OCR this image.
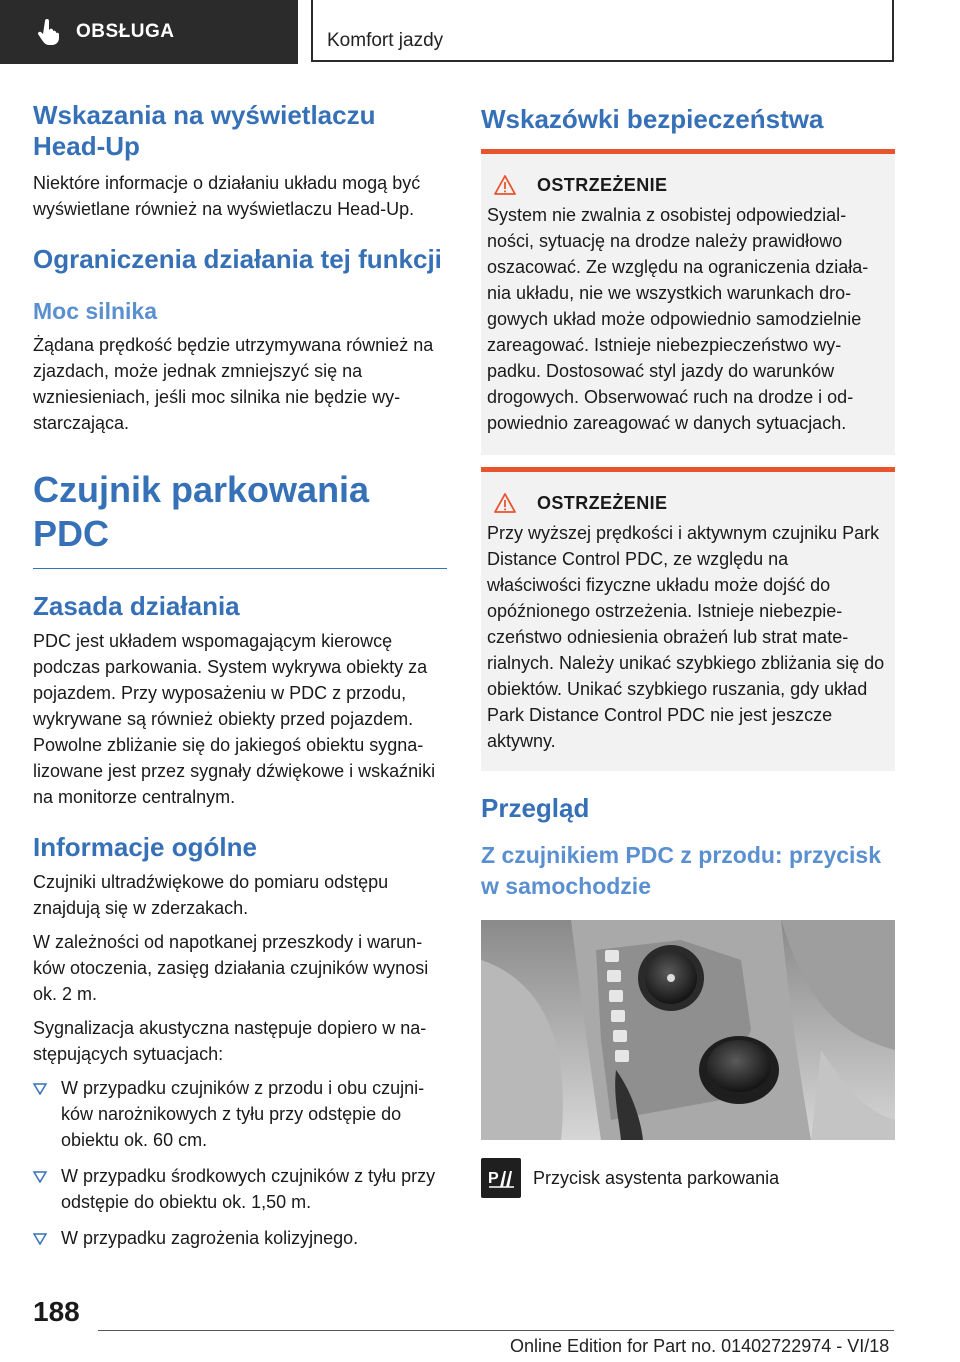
OBSŁUGA	Komfort jazdy
Wskazania na wyświetlaczu Head-Up

Niektóre informacje o działaniu układu mogą być wyświetlane również na wyświetlaczu Head-Up.

Ograniczenia działania tej funkcji
Moc silnika

Żądana prędkość będzie utrzymywana również na zjazdach, może jednak zmniejszyć się na wzniesieniach, jeśli moc silnika nie będzie wystarczająca.

Czujnik parkowania PDC
Zasada działania

PDC jest układem wspomagającym kierowcę podczas parkowania. System wykrywa obiekty za pojazdem. Przy wyposażeniu w PDC z przodu, wykrywane są również obiekty przed pojazdem. Powolne zbliżanie się do jakiegoś obiektu sygnalizowane jest przez sygnały dźwiękowe i wskaźniki na monitorze centralnym.

Informacje ogólne

Czujniki ultradźwiękowe do pomiaru odstępu znajdują się w zderzakach.

W zależności od napotkanej przeszkody i warunków otoczenia, zasięg działania czujników wynosi ok. 2 m.

Sygnalizacja akustyczna następuje dopiero w następujących sytuacjach:

W przypadku czujników z przodu i obu czujników narożnikowych z tyłu przy odstępie do obiektu ok. 60 cm.
W przypadku środkowych czujników z tyłu przy odstępie do obiektu ok. 1,50 m.
W przypadku zagrożenia kolizyjnego.
Wskazówki bezpieczeństwa
OSTRZEŻENIE
System nie zwalnia z osobistej odpowiedzialności, sytuację na drodze należy prawidłowo oszacować. Ze względu na ograniczenia działania układu, nie we wszystkich warunkach drogowych układ może odpowiednio samodzielnie zareagować. Istnieje niebezpieczeństwo wypadku. Dostosować styl jazdy do warunków drogowych. Obserwować ruch na drodze i odpowiednio zareagować w danych sytuacjach.
OSTRZEŻENIE
Przy wyższej prędkości i aktywnym czujniku Park Distance Control PDC, ze względu na właściwości fizyczne układu może dojść do opóźnionego ostrzeżenia. Istnieje niebezpieczeństwo odniesienia obrażeń lub strat materialnych. Należy unikać szybkiego zbliżania się do obiektów. Unikać szybkiego ruszania, gdy układ Park Distance Control PDC nie jest jeszcze aktywny.
Przegląd
Z czujnikiem PDC z przodu: przycisk w samochodzie
P Przycisk asystenta parkowania
188
Online Edition for Part no. 01402722974 - VI/18
